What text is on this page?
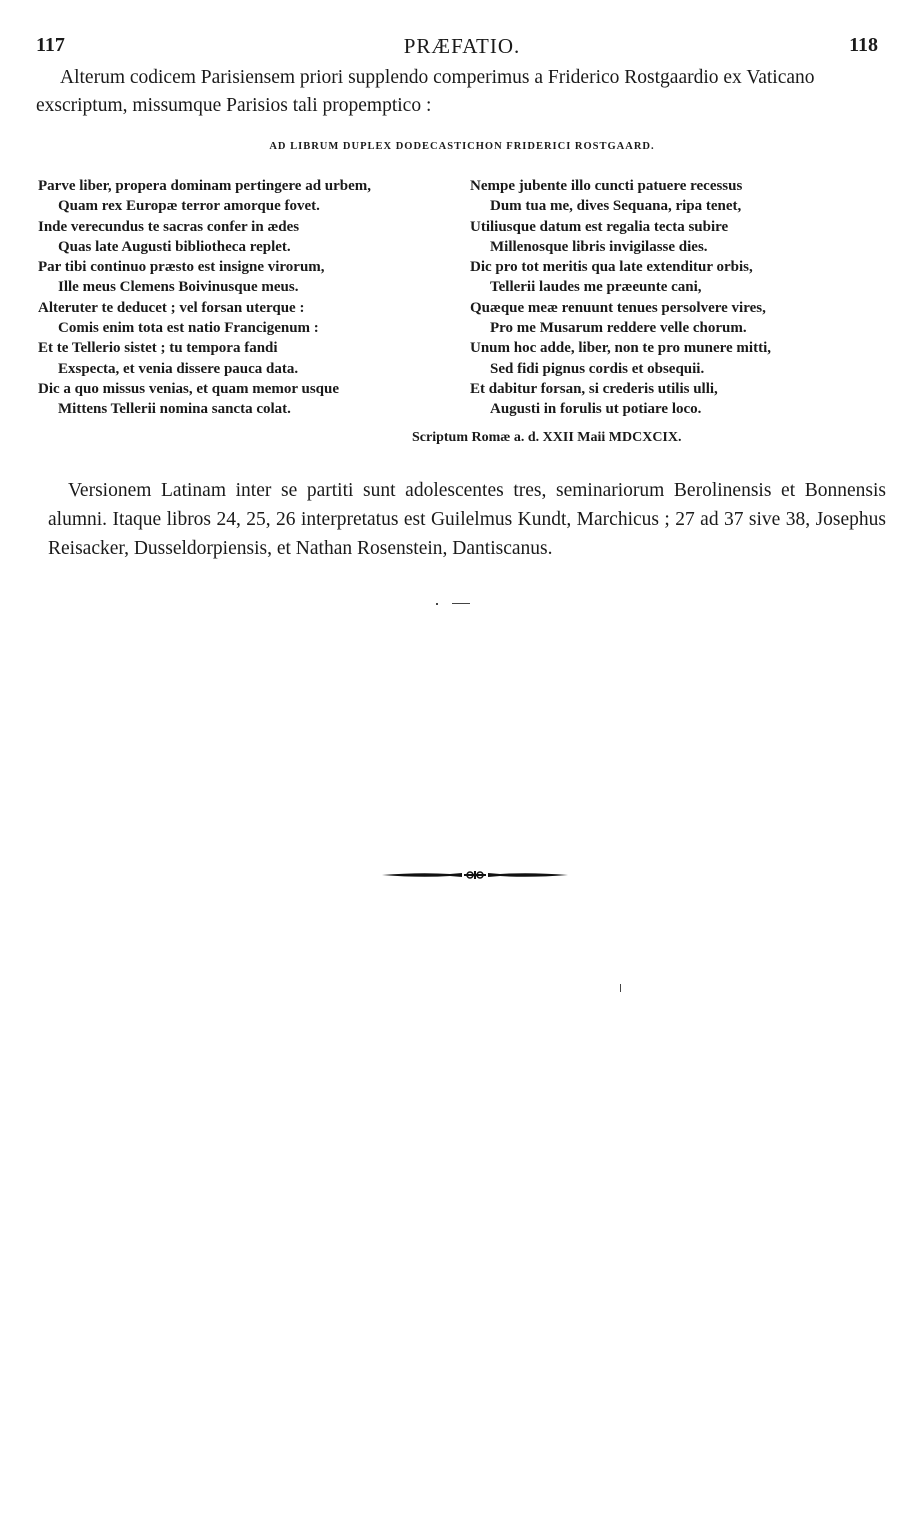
117	PRÆFATIO.	118

Alterum codicem Parisiensem priori supplendo comperimus a Friderico Rostgaardio ex Vaticano exscriptum, missumque Parisios tali propemptico :

AD LIBRUM DUPLEX DODECASTICHON FRIDERICI ROSTGAARD.
Parve liber, propera dominam pertingere ad urbem,
Quam rex Europæ terror amorque fovet.
Inde verecundus te sacras confer in ædes
Quas late Augusti bibliotheca replet.
Par tibi continuo præsto est insigne virorum,
Ille meus Clemens Boivinusque meus.
Alteruter te deducet ; vel forsan uterque :
Comis enim tota est natio Francigenum :
Et te Tellerio sistet ; tu tempora fandi
Exspecta, et venia dissere pauca data.
Dic a quo missus venias, et quam memor usque
Mittens Tellerii nomina sancta colat.
Nempe jubente illo cuncti patuere recessus
Dum tua me, dives Sequana, ripa tenet,
Utiliusque datum est regalia tecta subire
Millenosque libris invigilasse dies.
Dic pro tot meritis qua late extenditur orbis,
Tellerii laudes me præeunte cani,
Quæque meæ renuunt tenues persolvere vires,
Pro me Musarum reddere velle chorum.
Unum hoc adde, liber, non te pro munere mitti,
Sed fidi pignus cordis et obsequii.
Et dabitur forsan, si crederis utilis ulli,
Augusti in forulis ut potiare loco.
Scriptum Romæ a. d. XXII Maii MDCXCIX.

Versionem Latinam inter se partiti sunt adolescentes tres, seminariorum Berolinensis et Bonnensis alumni. Itaque libros 24, 25, 26 interpretatus est Guilelmus Kundt, Marchicus ; 27 ad 37 sive 38, Josephus Reisacker, Dusseldorpiensis, et Nathan Rosenstein, Dantiscanus.
